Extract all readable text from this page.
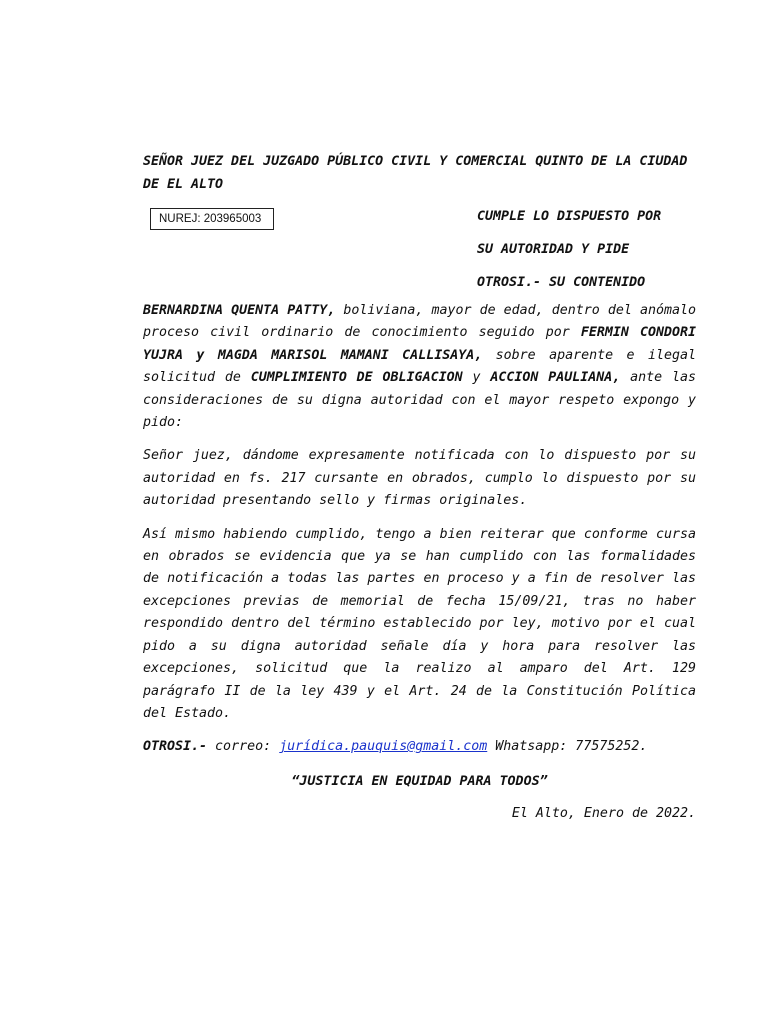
SEÑOR JUEZ DEL JUZGADO PÚBLICO CIVIL Y COMERCIAL QUINTO DE LA CIUDAD DE EL ALTO

NUREJ: 203965003	CUMPLE LO DISPUESTO POR
SU AUTORIDAD Y PIDE
OTROSI.- SU CONTENIDO

BERNARDINA QUENTA PATTY, boliviana, mayor de edad, dentro del anómalo proceso civil ordinario de conocimiento seguido por FERMIN CONDORI YUJRA y MAGDA MARISOL MAMANI CALLISAYA, sobre aparente e ilegal solicitud de CUMPLIMIENTO DE OBLIGACION y ACCION PAULIANA, ante las consideraciones de su digna autoridad con el mayor respeto expongo y pido:

Señor juez, dándome expresamente notificada con lo dispuesto por su autoridad en fs. 217 cursante en obrados, cumplo lo dispuesto por su autoridad presentando sello y firmas originales.

Así mismo habiendo cumplido, tengo a bien reiterar que conforme cursa en obrados se evidencia que ya se han cumplido con las formalidades de notificación a todas las partes en proceso y a fin de resolver las excepciones previas de memorial de fecha 15/09/21, tras no haber respondido dentro del término establecido por ley, motivo por el cual pido a su digna autoridad señale día y hora para resolver las excepciones, solicitud que la realizo al amparo del Art. 129 parágrafo II de la ley 439 y el Art. 24 de la Constitución Política del Estado.

OTROSI.- correo: jurídica.pauquis@gmail.com Whatsapp: 77575252.

“JUSTICIA EN EQUIDAD PARA TODOS”

El Alto, Enero de 2022.
